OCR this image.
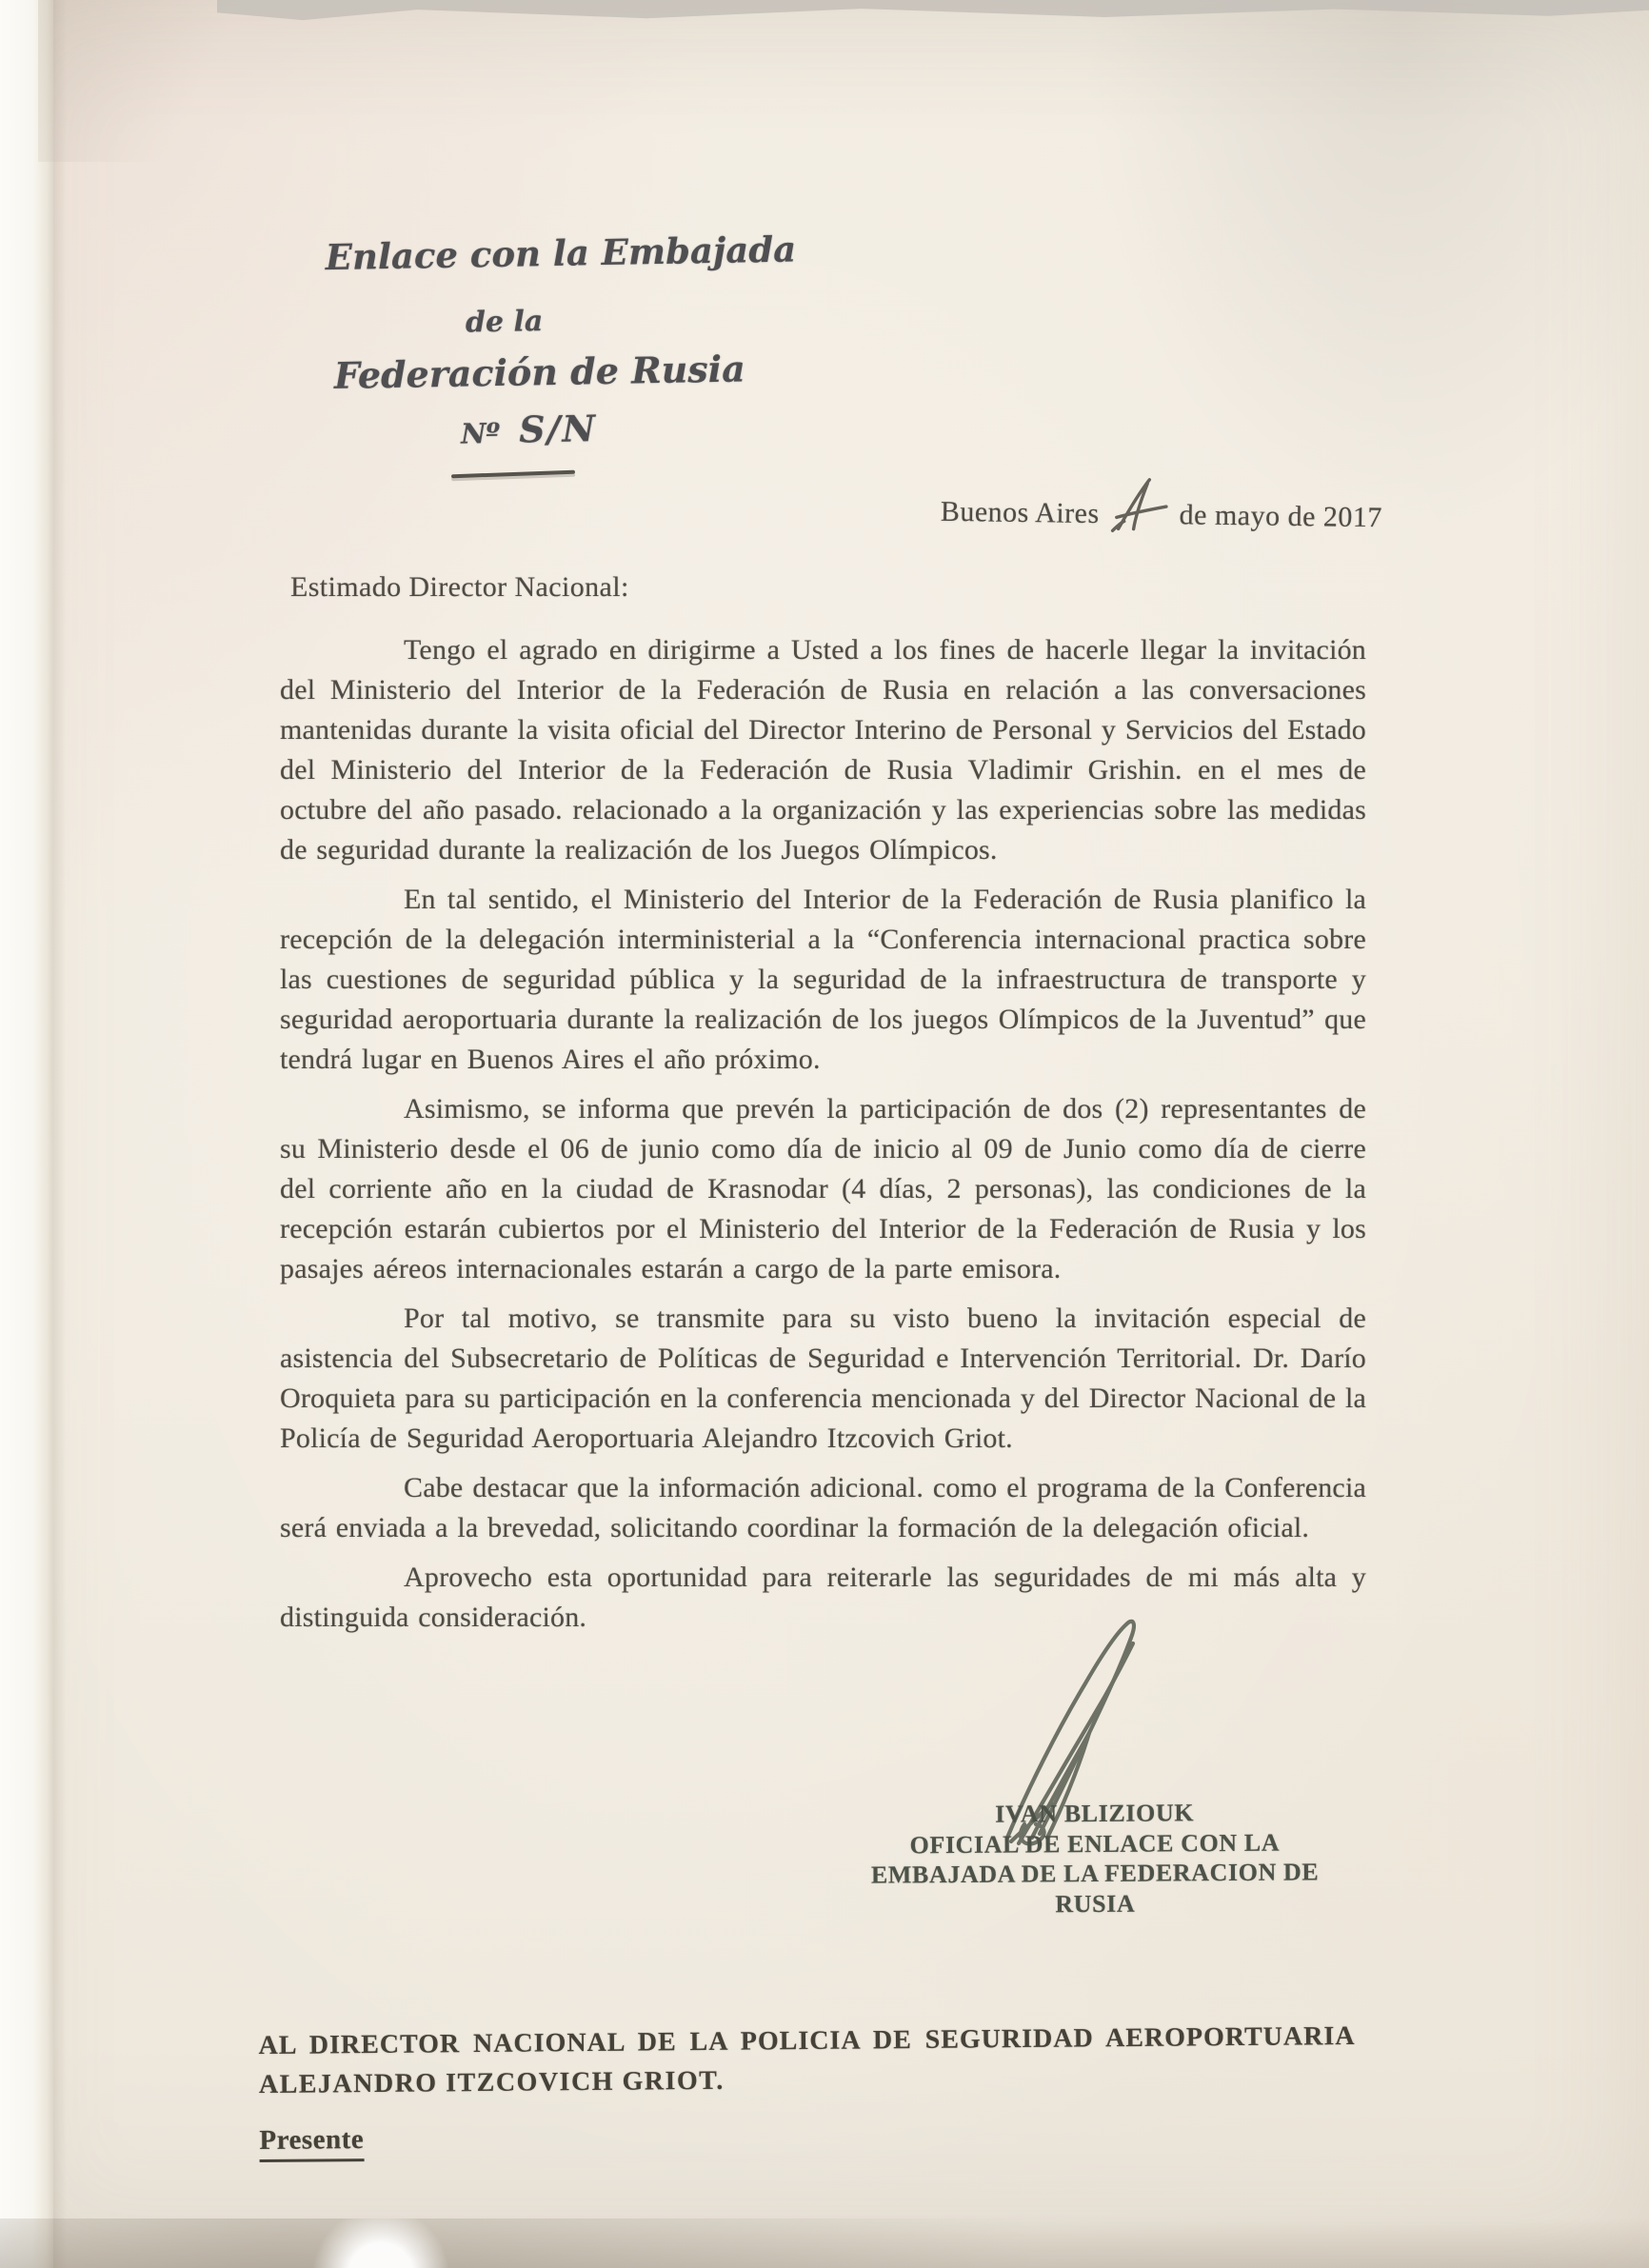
Enlace con la Embajada
de la
Federación de Rusia
Nº S/N
Buenos Aires	de mayo de 2017
Estimado Director Nacional:

Tengo el agrado en dirigirme a Usted a los fines de hacerle llegar la invitación del Ministerio del Interior de la Federación de Rusia en relación a las conversaciones mantenidas durante la visita oficial del Director Interino de Personal y Servicios del Estado del Ministerio del Interior de la Federación de Rusia Vladimir Grishin. en el mes de octubre del año pasado. relacionado a la organización y las experiencias sobre las medidas de seguridad durante la realización de los Juegos Olímpicos.

En tal sentido, el Ministerio del Interior de la Federación de Rusia planifico la recepción de la delegación interministerial a la “Conferencia internacional practica sobre las cuestiones de seguridad pública y la seguridad de la infraestructura de transporte y seguridad aeroportuaria durante la realización de los juegos Olímpicos de la Juventud” que tendrá lugar en Buenos Aires el año próximo.

Asimismo, se informa que prevén la participación de dos (2) representantes de su Ministerio desde el 06 de junio como día de inicio al 09 de Junio como día de cierre del corriente año en la ciudad de Krasnodar (4 días, 2 personas), las condiciones de la recepción estarán cubiertos por el Ministerio del Interior de la Federación de Rusia y los pasajes aéreos internacionales estarán a cargo de la parte emisora.

Por tal motivo, se transmite para su visto bueno la invitación especial de asistencia del Subsecretario de Políticas de Seguridad e Intervención Territorial. Dr. Darío Oroquieta para su participación en la conferencia mencionada y del Director Nacional de la Policía de Seguridad Aeroportuaria Alejandro Itzcovich Griot.

Cabe destacar que la información adicional. como el programa de la Conferencia será enviada a la brevedad, solicitando coordinar la formación de la delegación oficial.

Aprovecho esta oportunidad para reiterarle las seguridades de mi más alta y distinguida consideración.

IVAN BLIZIOUK
OFICIAL DE ENLACE CON LA
EMBAJADA DE LA FEDERACION DE RUSIA
AL DIRECTOR NACIONAL DE LA POLICIA DE SEGURIDAD AEROPORTUARIA
ALEJANDRO ITZCOVICH GRIOT.
Presente
